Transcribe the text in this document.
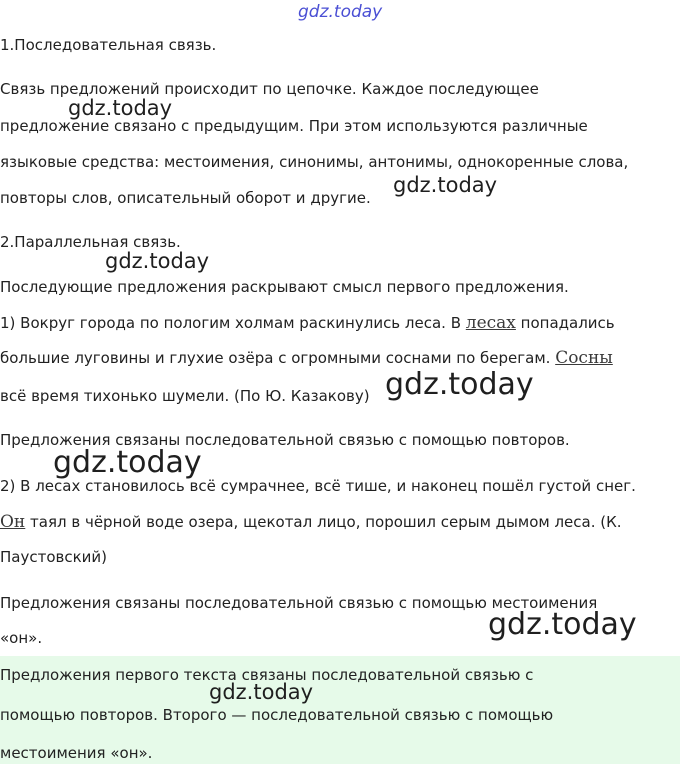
gdz.today
1.Последовательная связь.
Связь предложений происходит по цепочке. Каждое последующее
предложение связано с предыдущим. При этом используются различные
языковые средства: местоимения, синонимы, антонимы, однокоренные слова,
повторы слов, описательный оборот и другие.
2.Параллельная связь.
Последующие предложения раскрывают смысл первого предложения.
1) Вокруг города по пологим холмам раскинулись леса. В лесах попадались
большие луговины и глухие озёра с огромными соснами по берегам. Сосны
всё время тихонько шумели. (По Ю. Казакову)
Предложения связаны последовательной связью с помощью повторов.
2) В лесах становилось всё сумрачнее, всё тише, и наконец пошёл густой снег.
Он таял в чёрной воде озера, щекотал лицо, порошил серым дымом леса. (К.
Паустовский)
Предложения связаны последовательной связью с помощью местоимения
«он».
Предложения первого текста связаны последовательной связью с
помощью повторов. Второго — последовательной связью с помощью
местоимения «он».
gdz.today
gdz.today
gdz.today
gdz.today
gdz.today
gdz.today
gdz.today
